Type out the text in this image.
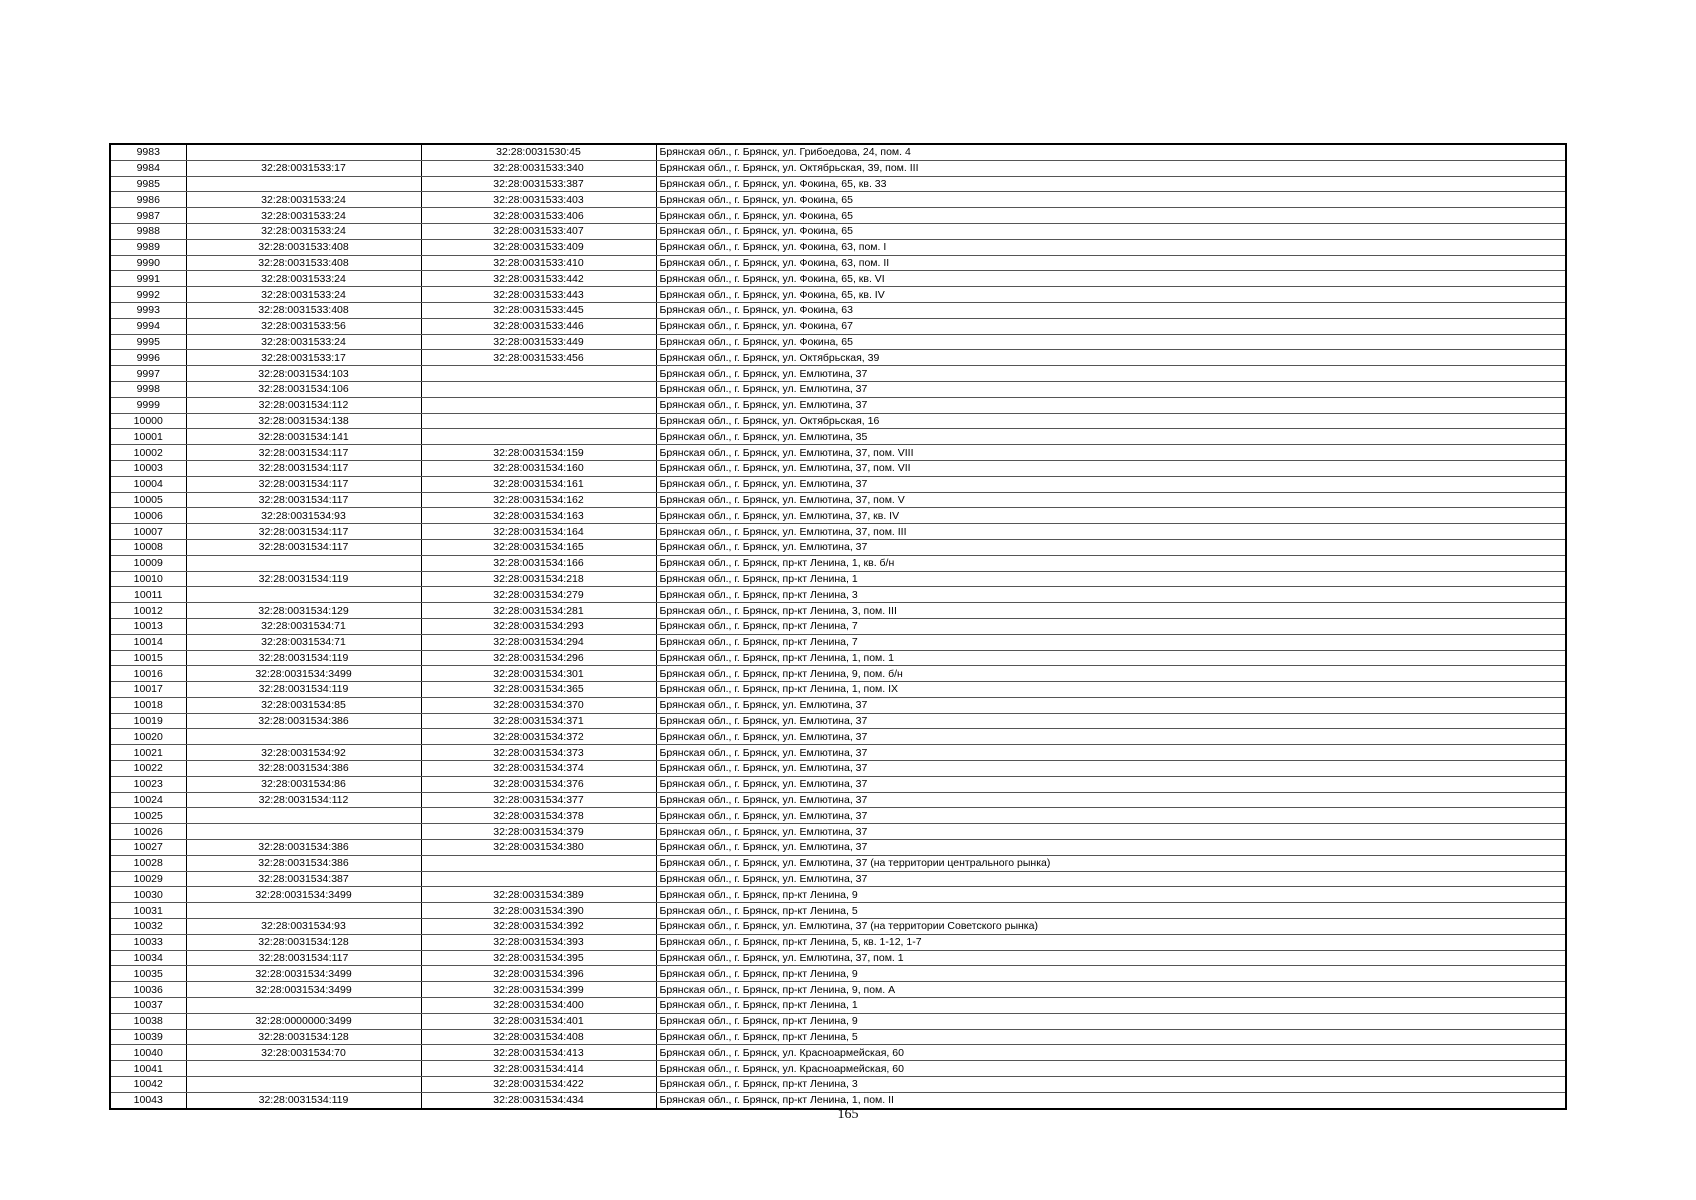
9983		32:28:0031530:45	Брянская обл., г. Брянск, ул. Грибоедова, 24, пом. 4
9984	32:28:0031533:17	32:28:0031533:340	Брянская обл., г. Брянск, ул. Октябрьская, 39, пом. III
9985		32:28:0031533:387	Брянская обл., г. Брянск, ул. Фокина, 65, кв. 33
9986	32:28:0031533:24	32:28:0031533:403	Брянская обл., г. Брянск, ул. Фокина, 65
9987	32:28:0031533:24	32:28:0031533:406	Брянская обл., г. Брянск, ул. Фокина, 65
9988	32:28:0031533:24	32:28:0031533:407	Брянская обл., г. Брянск, ул. Фокина, 65
9989	32:28:0031533:408	32:28:0031533:409	Брянская обл., г. Брянск, ул. Фокина, 63, пом. I
9990	32:28:0031533:408	32:28:0031533:410	Брянская обл., г. Брянск, ул. Фокина, 63, пом. II
9991	32:28:0031533:24	32:28:0031533:442	Брянская обл., г. Брянск, ул. Фокина, 65, кв. VI
9992	32:28:0031533:24	32:28:0031533:443	Брянская обл., г. Брянск, ул. Фокина, 65, кв. IV
9993	32:28:0031533:408	32:28:0031533:445	Брянская обл., г. Брянск, ул. Фокина, 63
9994	32:28:0031533:56	32:28:0031533:446	Брянская обл., г. Брянск, ул. Фокина, 67
9995	32:28:0031533:24	32:28:0031533:449	Брянская обл., г. Брянск, ул. Фокина, 65
9996	32:28:0031533:17	32:28:0031533:456	Брянская обл., г. Брянск, ул. Октябрьская, 39
9997	32:28:0031534:103		Брянская обл., г. Брянск, ул. Емлютина, 37
9998	32:28:0031534:106		Брянская обл., г. Брянск, ул. Емлютина, 37
9999	32:28:0031534:112		Брянская обл., г. Брянск, ул. Емлютина, 37
10000	32:28:0031534:138		Брянская обл., г. Брянск, ул. Октябрьская, 16
10001	32:28:0031534:141		Брянская обл., г. Брянск, ул. Емлютина, 35
10002	32:28:0031534:117	32:28:0031534:159	Брянская обл., г. Брянск, ул. Емлютина, 37, пом. VIII
10003	32:28:0031534:117	32:28:0031534:160	Брянская обл., г. Брянск, ул. Емлютина, 37, пом. VII
10004	32:28:0031534:117	32:28:0031534:161	Брянская обл., г. Брянск, ул. Емлютина, 37
10005	32:28:0031534:117	32:28:0031534:162	Брянская обл., г. Брянск, ул. Емлютина, 37, пом. V
10006	32:28:0031534:93	32:28:0031534:163	Брянская обл., г. Брянск, ул. Емлютина, 37, кв. IV
10007	32:28:0031534:117	32:28:0031534:164	Брянская обл., г. Брянск, ул. Емлютина, 37, пом. III
10008	32:28:0031534:117	32:28:0031534:165	Брянская обл., г. Брянск, ул. Емлютина, 37
10009		32:28:0031534:166	Брянская обл., г. Брянск, пр-кт Ленина, 1, кв. б/н
10010	32:28:0031534:119	32:28:0031534:218	Брянская обл., г. Брянск, пр-кт Ленина, 1
10011		32:28:0031534:279	Брянская обл., г. Брянск, пр-кт Ленина, 3
10012	32:28:0031534:129	32:28:0031534:281	Брянская обл., г. Брянск, пр-кт Ленина, 3, пом. III
10013	32:28:0031534:71	32:28:0031534:293	Брянская обл., г. Брянск, пр-кт Ленина, 7
10014	32:28:0031534:71	32:28:0031534:294	Брянская обл., г. Брянск, пр-кт Ленина, 7
10015	32:28:0031534:119	32:28:0031534:296	Брянская обл., г. Брянск, пр-кт Ленина, 1, пом. 1
10016	32:28:0031534:3499	32:28:0031534:301	Брянская обл., г. Брянск, пр-кт Ленина, 9, пом. б/н
10017	32:28:0031534:119	32:28:0031534:365	Брянская обл., г. Брянск, пр-кт Ленина, 1, пом. IX
10018	32:28:0031534:85	32:28:0031534:370	Брянская обл., г. Брянск, ул. Емлютина, 37
10019	32:28:0031534:386	32:28:0031534:371	Брянская обл., г. Брянск, ул. Емлютина, 37
10020		32:28:0031534:372	Брянская обл., г. Брянск, ул. Емлютина, 37
10021	32:28:0031534:92	32:28:0031534:373	Брянская обл., г. Брянск, ул. Емлютина, 37
10022	32:28:0031534:386	32:28:0031534:374	Брянская обл., г. Брянск, ул. Емлютина, 37
10023	32:28:0031534:86	32:28:0031534:376	Брянская обл., г. Брянск, ул. Емлютина, 37
10024	32:28:0031534:112	32:28:0031534:377	Брянская обл., г. Брянск, ул. Емлютина, 37
10025		32:28:0031534:378	Брянская обл., г. Брянск, ул. Емлютина, 37
10026		32:28:0031534:379	Брянская обл., г. Брянск, ул. Емлютина, 37
10027	32:28:0031534:386	32:28:0031534:380	Брянская обл., г. Брянск, ул. Емлютина, 37
10028	32:28:0031534:386		Брянская обл., г. Брянск, ул. Емлютина, 37 (на территории центрального рынка)
10029	32:28:0031534:387		Брянская обл., г. Брянск, ул. Емлютина, 37
10030	32:28:0031534:3499	32:28:0031534:389	Брянская обл., г. Брянск, пр-кт Ленина, 9
10031		32:28:0031534:390	Брянская обл., г. Брянск, пр-кт Ленина, 5
10032	32:28:0031534:93	32:28:0031534:392	Брянская обл., г. Брянск, ул. Емлютина, 37 (на территории Советского рынка)
10033	32:28:0031534:128	32:28:0031534:393	Брянская обл., г. Брянск, пр-кт Ленина, 5, кв. 1-12, 1-7
10034	32:28:0031534:117	32:28:0031534:395	Брянская обл., г. Брянск, ул. Емлютина, 37, пом. 1
10035	32:28:0031534:3499	32:28:0031534:396	Брянская обл., г. Брянск, пр-кт Ленина, 9
10036	32:28:0031534:3499	32:28:0031534:399	Брянская обл., г. Брянск, пр-кт Ленина, 9, пом. А
10037		32:28:0031534:400	Брянская обл., г. Брянск, пр-кт Ленина, 1
10038	32:28:0000000:3499	32:28:0031534:401	Брянская обл., г. Брянск, пр-кт Ленина, 9
10039	32:28:0031534:128	32:28:0031534:408	Брянская обл., г. Брянск, пр-кт Ленина, 5
10040	32:28:0031534:70	32:28:0031534:413	Брянская обл., г. Брянск, ул. Красноармейская, 60
10041		32:28:0031534:414	Брянская обл., г. Брянск, ул. Красноармейская, 60
10042		32:28:0031534:422	Брянская обл., г. Брянск, пр-кт Ленина, 3
10043	32:28:0031534:119	32:28:0031534:434	Брянская обл., г. Брянск, пр-кт Ленина, 1, пом. II
165
